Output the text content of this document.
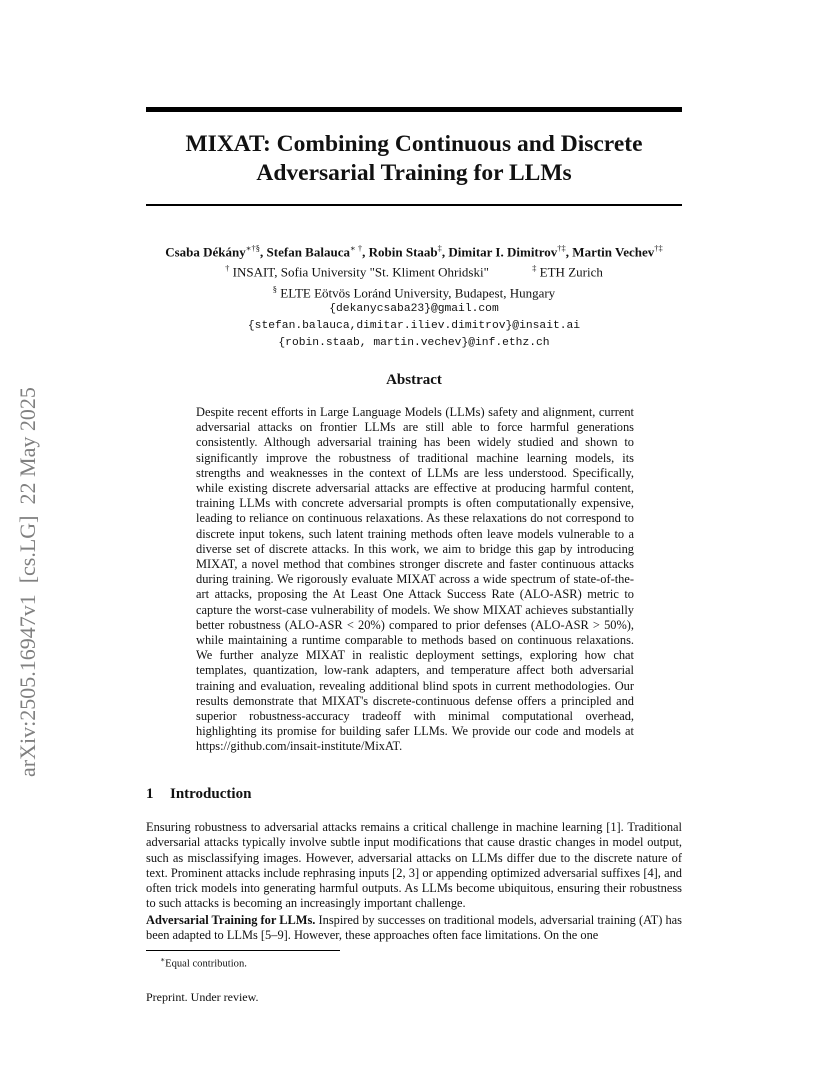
arXiv:2505.16947v1  [cs.LG]  22 May 2025
MIXAT: Combining Continuous and Discrete
Adversarial Training for LLMs
Csaba Dékány∗†§, Stefan Balauca∗ †, Robin Staab‡, Dimitar I. Dimitrov†‡, Martin Vechev†‡
† INSAIT, Sofia University "St. Kliment Ohridski"	‡ ETH Zurich
§ ELTE Eötvös Loránd University, Budapest, Hungary
{dekanycsaba23}@gmail.com
{stefan.balauca,dimitar.iliev.dimitrov}@insait.ai
{robin.staab, martin.vechev}@inf.ethz.ch
Abstract
Despite recent efforts in Large Language Models (LLMs) safety and alignment, current adversarial attacks on frontier LLMs are still able to force harmful generations consistently. Although adversarial training has been widely studied and shown to significantly improve the robustness of traditional machine learning models, its strengths and weaknesses in the context of LLMs are less understood. Specifically, while existing discrete adversarial attacks are effective at producing harmful content, training LLMs with concrete adversarial prompts is often computationally expensive, leading to reliance on continuous relaxations. As these relaxations do not correspond to discrete input tokens, such latent training methods often leave models vulnerable to a diverse set of discrete attacks. In this work, we aim to bridge this gap by introducing MIXAT, a novel method that combines stronger discrete and faster continuous attacks during training. We rigorously evaluate MIXAT across a wide spectrum of state-of-the-art attacks, proposing the At Least One Attack Success Rate (ALO-ASR) metric to capture the worst-case vulnerability of models. We show MIXAT achieves substantially better robustness (ALO-ASR < 20%) compared to prior defenses (ALO-ASR > 50%), while maintaining a runtime comparable to methods based on continuous relaxations. We further analyze MIXAT in realistic deployment settings, exploring how chat templates, quantization, low-rank adapters, and temperature affect both adversarial training and evaluation, revealing additional blind spots in current methodologies. Our results demonstrate that MIXAT's discrete-continuous defense offers a principled and superior robustness-accuracy tradeoff with minimal computational overhead, highlighting its promise for building safer LLMs. We provide our code and models at https://github.com/insait-institute/MixAT.
1 Introduction
Ensuring robustness to adversarial attacks remains a critical challenge in machine learning [1]. Traditional adversarial attacks typically involve subtle input modifications that cause drastic changes in model output, such as misclassifying images. However, adversarial attacks on LLMs differ due to the discrete nature of text. Prominent attacks include rephrasing inputs [2, 3] or appending optimized adversarial suffixes [4], and often trick models into generating harmful outputs. As LLMs become ubiquitous, ensuring their robustness to such attacks is becoming an increasingly important challenge.
Adversarial Training for LLMs. Inspired by successes on traditional models, adversarial training (AT) has been adapted to LLMs [5–9]. However, these approaches often face limitations. On the one
∗Equal contribution.
Preprint. Under review.
